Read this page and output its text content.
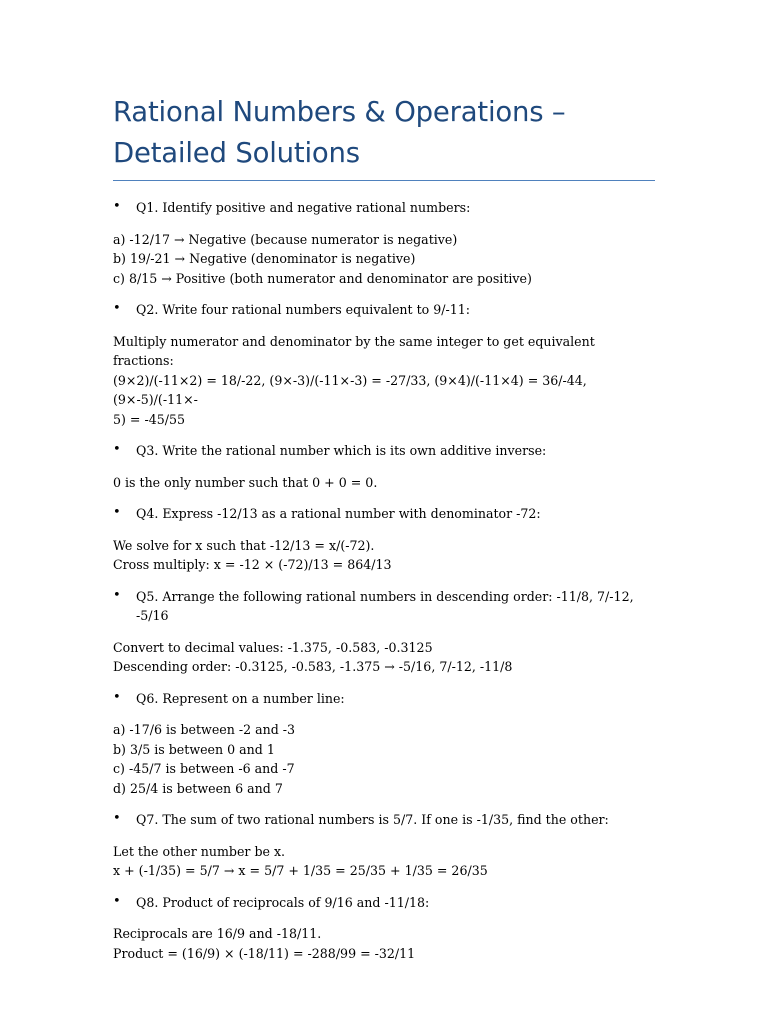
Rational Numbers & Operations –
Detailed Solutions
• Q1. Identify positive and negative rational numbers:
a) -12/17 → Negative (because numerator is negative)
b) 19/-21 → Negative (denominator is negative)
c) 8/15 → Positive (both numerator and denominator are positive)
• Q2. Write four rational numbers equivalent to 9/-11:
Multiply numerator and denominator by the same integer to get equivalent fractions:
(9×2)/(-11×2) = 18/-22, (9×-3)/(-11×-3) = -27/33, (9×4)/(-11×4) = 36/-44, (9×-5)/(-11×-
5) = -45/55
• Q3. Write the rational number which is its own additive inverse:
0 is the only number such that 0 + 0 = 0.
• Q4. Express -12/13 as a rational number with denominator -72:
We solve for x such that -12/13 = x/(-72).
Cross multiply: x = -12 × (-72)/13 = 864/13
• Q5. Arrange the following rational numbers in descending order: -11/8, 7/-12, -5/16
Convert to decimal values: -1.375, -0.583, -0.3125
Descending order: -0.3125, -0.583, -1.375 → -5/16, 7/-12, -11/8
• Q6. Represent on a number line:
a) -17/6 is between -2 and -3
b) 3/5 is between 0 and 1
c) -45/7 is between -6 and -7
d) 25/4 is between 6 and 7
• Q7. The sum of two rational numbers is 5/7. If one is -1/35, find the other:
Let the other number be x.
x + (-1/35) = 5/7 → x = 5/7 + 1/35 = 25/35 + 1/35 = 26/35
• Q8. Product of reciprocals of 9/16 and -11/18:
Reciprocals are 16/9 and -18/11.
Product = (16/9) × (-18/11) = -288/99 = -32/11
